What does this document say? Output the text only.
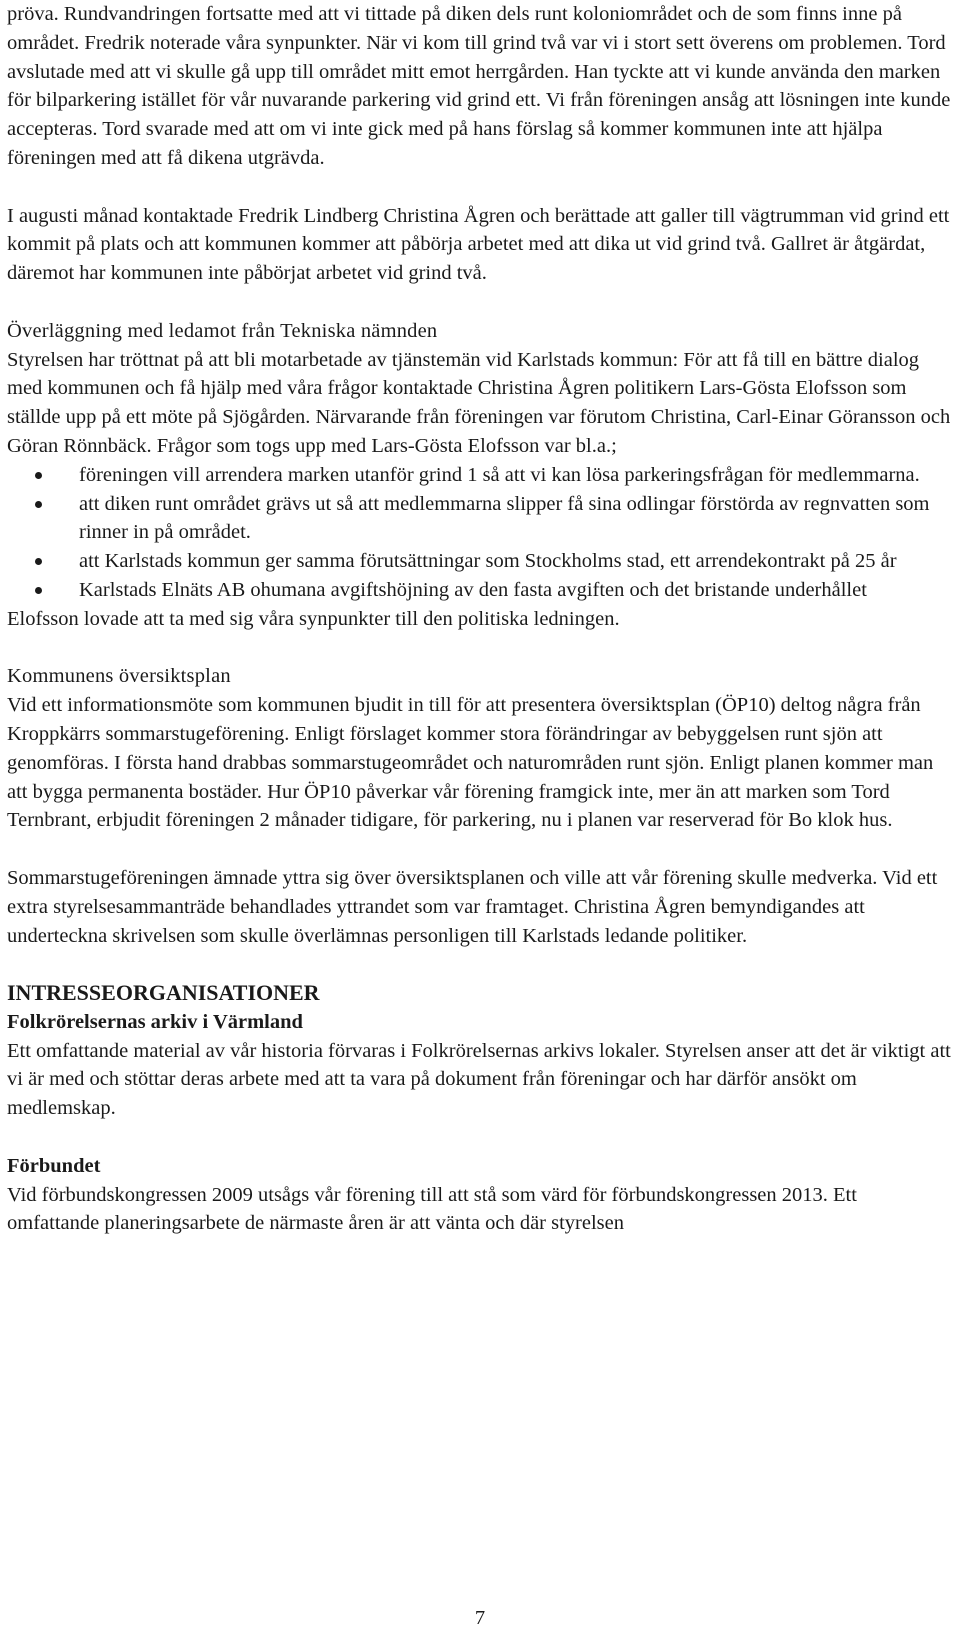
pröva. Rundvandringen fortsatte med att vi tittade på diken dels runt koloniområdet och de som finns inne på området. Fredrik noterade våra synpunkter. När vi kom till grind två var vi i stort sett överens om problemen. Tord avslutade med att vi skulle gå upp till området mitt emot herrgården. Han tyckte att vi kunde använda den marken för bilparkering istället för vår nuvarande parkering vid grind ett. Vi från föreningen ansåg att lösningen inte kunde accepteras. Tord svarade med att om vi inte gick med på hans förslag så kommer kommunen inte att hjälpa föreningen med att få dikena utgrävda.

I augusti månad kontaktade Fredrik Lindberg Christina Ågren och berättade att galler till vägtrumman vid grind ett kommit på plats och att kommunen kommer att påbörja arbetet med att dika ut vid grind två. Gallret är åtgärdat, däremot har kommunen inte påbörjat arbetet vid grind två.

Överläggning med ledamot från Tekniska nämnden

Styrelsen har tröttnat på att bli motarbetade av tjänstemän vid Karlstads kommun: För att få till en bättre dialog med kommunen och få hjälp med våra frågor kontaktade Christina Ågren politikern Lars-Gösta Elofsson som ställde upp på ett möte på Sjögården. Närvarande från föreningen var förutom Christina, Carl-Einar Göransson och Göran Rönnbäck. Frågor som togs upp med Lars-Gösta Elofsson var bl.a.;

föreningen vill arrendera marken utanför grind 1 så att vi kan lösa parkeringsfrågan för medlemmarna.
att diken runt området grävs ut så att medlemmarna slipper få sina odlingar förstörda av regnvatten som rinner in på området.
att Karlstads kommun ger samma förutsättningar som Stockholms stad, ett arrendekontrakt på 25 år
Karlstads Elnäts AB ohumana avgiftshöjning av den fasta avgiften och det bristande underhållet

Elofsson lovade att ta med sig våra synpunkter till den politiska ledningen.

Kommunens översiktsplan

Vid ett informationsmöte som kommunen bjudit in till för att presentera översiktsplan (ÖP10) deltog några från Kroppkärrs sommarstugeförening. Enligt förslaget kommer stora förändringar av bebyggelsen runt sjön att genomföras. I första hand drabbas sommarstugeområdet och naturområden runt sjön. Enligt planen kommer man att bygga permanenta bostäder. Hur ÖP10 påverkar vår förening framgick inte, mer än att marken som Tord Ternbrant, erbjudit föreningen 2 månader tidigare, för parkering, nu i planen var reserverad för Bo klok hus.

Sommarstugeföreningen ämnade yttra sig över översiktsplanen och ville att vår förening skulle medverka. Vid ett extra styrelsesammanträde behandlades yttrandet som var framtaget. Christina Ågren bemyndigandes att underteckna skrivelsen som skulle överlämnas personligen till Karlstads ledande politiker.

INTRESSEORGANISATIONER

Folkrörelsernas arkiv i Värmland

Ett omfattande material av vår historia förvaras i Folkrörelsernas arkivs lokaler. Styrelsen anser att det är viktigt att vi är med och stöttar deras arbete med att ta vara på dokument från föreningar och har därför ansökt om medlemskap.

Förbundet

Vid förbundskongressen 2009 utsågs vår förening till att stå som värd för förbundskongressen 2013. Ett omfattande planeringsarbete de närmaste åren är att vänta och där styrelsen

7
